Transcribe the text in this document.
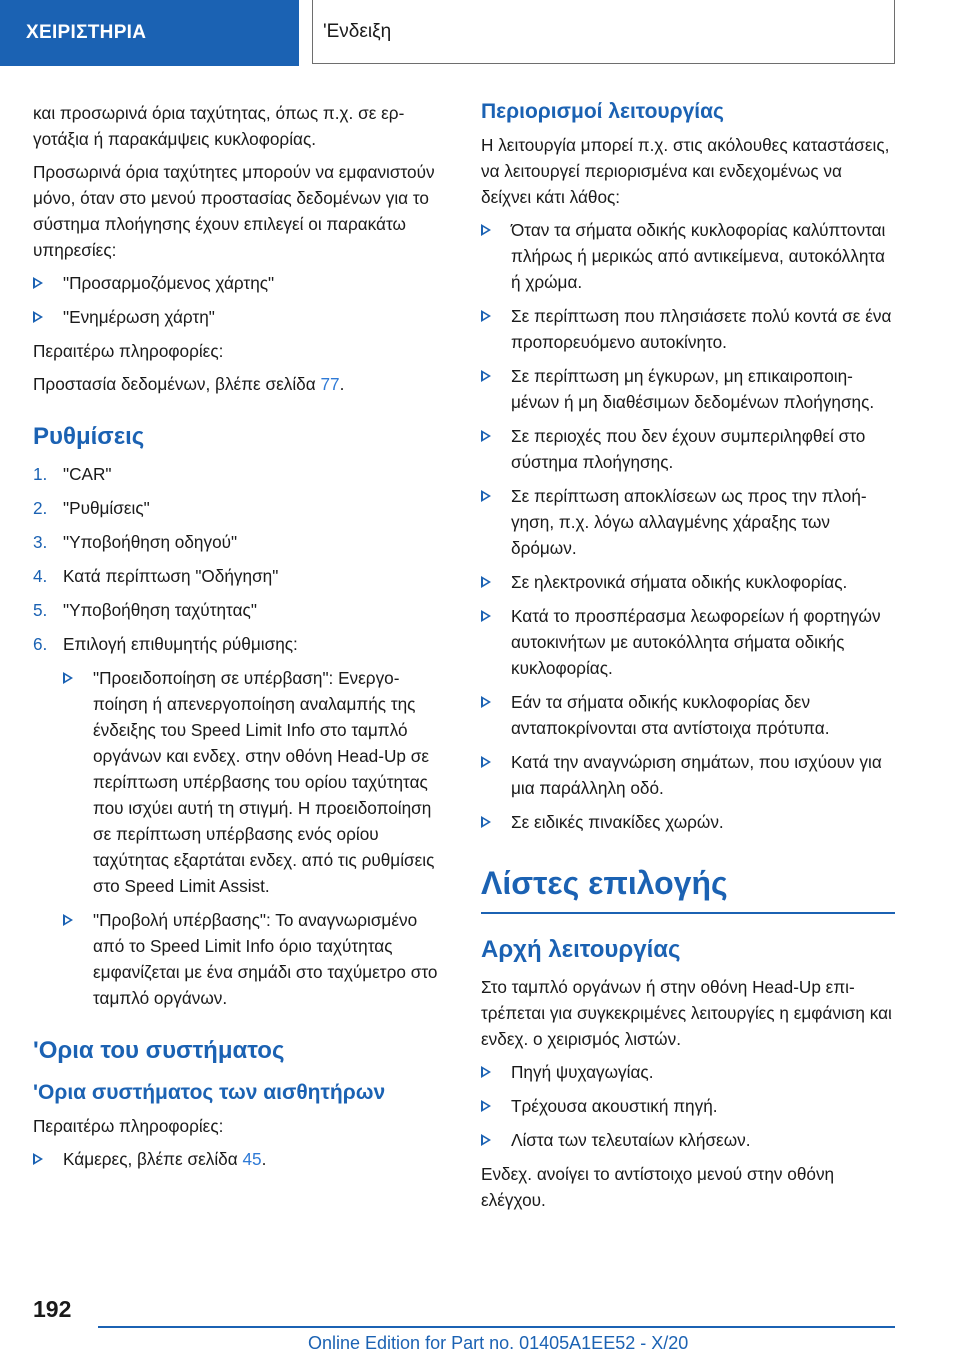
ΧΕΙΡΙΣΤΗΡΙΑ	'Ενδειξη

και προσωρινά όρια ταχύτητας, όπως π.χ. σε εργοτάξια ή παρακάμψεις κυκλοφορίας.

Προσωρινά όρια ταχύτητες μπορούν να εμφανιστούν μόνο, όταν στο μενού προστασίας δεδομένων για το σύστημα πλοήγησης έχουν επιλεγεί οι παρακάτω υπηρεσίες:

"Προσαρμοζόμενος χάρτης"
"Ενημέρωση χάρτη"

Περαιτέρω πληροφορίες:

Προστασία δεδομένων, βλέπε σελίδα 77.

Ρυθμίσεις
1. "CAR"
2. "Ρυθμίσεις"
3. "Υποβοήθηση οδηγού"
4. Κατά περίπτωση "Οδήγηση"
5. "Υποβοήθηση ταχύτητας"
6. Επιλογή επιθυμητής ρύθμισης:
"Προειδοποίηση σε υπέρβαση": Ενεργοποίηση ή απενεργοποίηση αναλαμπής της ένδειξης του Speed Limit Info στο ταμπλό οργάνων και ενδεχ. στην οθόνη Head-Up σε περίπτωση υπέρβασης του ορίου ταχύτητας που ισχύει αυτή τη στιγμή. Η προειδοποίηση σε περίπτωση υπέρβασης ενός ορίου ταχύτητας εξαρτάται ενδεχ. από τις ρυθμίσεις στο Speed Limit Assist.
"Προβολή υπέρβασης": Το αναγνωρισμένο από το Speed Limit Info όριο ταχύτητας εμφανίζεται με ένα σημάδι στο ταχύμετρο στο ταμπλό οργάνων.
'Ορια του συστήματος
'Ορια συστήματος των αισθητήρων

Περαιτέρω πληροφορίες:

Κάμερες, βλέπε σελίδα 45.
Περιορισμοί λειτουργίας

Η λειτουργία μπορεί π.χ. στις ακόλουθες καταστάσεις, να λειτουργεί περιορισμένα και ενδεχομένως να δείχνει κάτι λάθος:

Όταν τα σήματα οδικής κυκλοφορίας καλύπτονται πλήρως ή μερικώς από αντικείμενα, αυτοκόλλητα ή χρώμα.
Σε περίπτωση που πλησιάσετε πολύ κοντά σε ένα προπορευόμενο αυτοκίνητο.
Σε περίπτωση μη έγκυρων, μη επικαιροποιημένων ή μη διαθέσιμων δεδομένων πλοήγησης.
Σε περιοχές που δεν έχουν συμπεριληφθεί στο σύστημα πλοήγησης.
Σε περίπτωση αποκλίσεων ως προς την πλοήγηση, π.χ. λόγω αλλαγμένης χάραξης των δρόμων.
Σε ηλεκτρονικά σήματα οδικής κυκλοφορίας.
Κατά το προσπέρασμα λεωφορείων ή φορτηγών αυτοκινήτων με αυτοκόλλητα σήματα οδικής κυκλοφορίας.
Εάν τα σήματα οδικής κυκλοφορίας δεν ανταποκρίνονται στα αντίστοιχα πρότυπα.
Κατά την αναγνώριση σημάτων, που ισχύουν για μια παράλληλη οδό.
Σε ειδικές πινακίδες χωρών.
Λίστες επιλογής
Αρχή λειτουργίας

Στο ταμπλό οργάνων ή στην οθόνη Head-Up επιτρέπεται για συγκεκριμένες λειτουργίες η εμφάνιση και ενδεχ. ο χειρισμός λιστών.

Πηγή ψυχαγωγίας.
Τρέχουσα ακουστική πηγή.
Λίστα των τελευταίων κλήσεων.

Ενδεχ. ανοίγει το αντίστοιχο μενού στην οθόνη ελέγχου.

192
Online Edition for Part no. 01405A1EE52 - X/20
